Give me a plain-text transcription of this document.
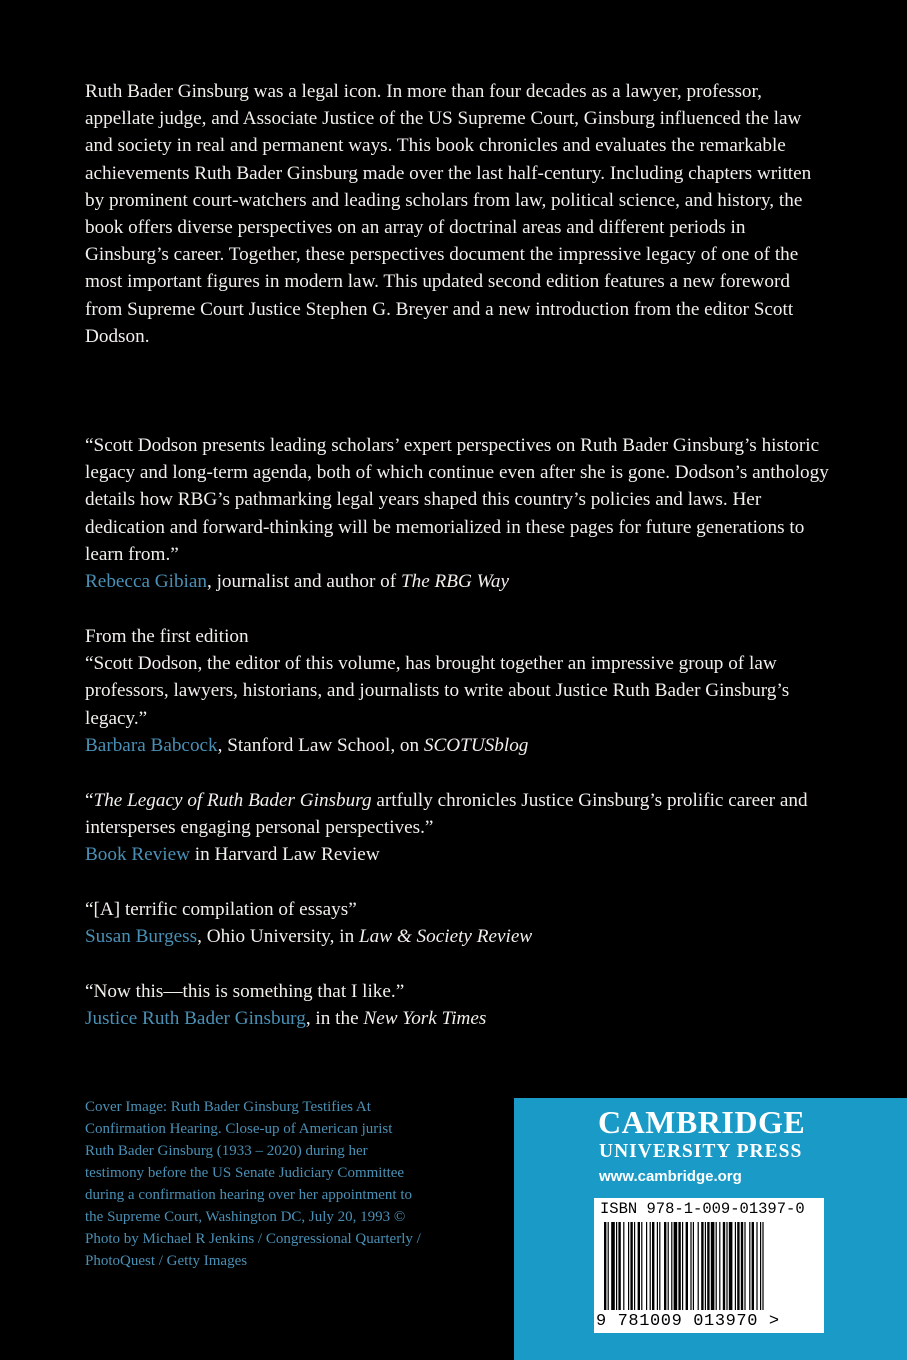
Ruth Bader Ginsburg was a legal icon. In more than four decades as a lawyer, professor, appellate judge, and Associate Justice of the US Supreme Court, Ginsburg influenced the law and society in real and permanent ways. This book chronicles and evaluates the remarkable achievements Ruth Bader Ginsburg made over the last half-century. Including chapters written by prominent court-watchers and leading scholars from law, political science, and history, the book offers diverse perspectives on an array of doctrinal areas and different periods in Ginsburg’s career. Together, these perspectives document the impressive legacy of one of the most important figures in modern law. This updated second edition features a new foreword from Supreme Court Justice Stephen G. Breyer and a new introduction from the editor Scott Dodson.

“Scott Dodson presents leading scholars’ expert perspectives on Ruth Bader Ginsburg’s historic legacy and long-term agenda, both of which continue even after she is gone. Dodson’s anthology details how RBG’s pathmarking legal years shaped this country’s policies and laws. Her dedication and forward-thinking will be memorialized in these pages for future generations to learn from.”

Rebecca Gibian, journalist and author of The RBG Way

From the first edition

“Scott Dodson, the editor of this volume, has brought together an impressive group of law professors, lawyers, historians, and journalists to write about Justice Ruth Bader Ginsburg’s legacy.”

Barbara Babcock, Stanford Law School, on SCOTUSblog

“The Legacy of Ruth Bader Ginsburg artfully chronicles Justice Ginsburg’s prolific career and intersperses engaging personal perspectives.”

Book Review in Harvard Law Review

“[A] terrific compilation of essays”

Susan Burgess, Ohio University, in Law & Society Review

“Now this—this is something that I like.”

Justice Ruth Bader Ginsburg, in the New York Times

Cover Image: Ruth Bader Ginsburg Testifies At Confirmation Hearing. Close-up of American jurist Ruth Bader Ginsburg (1933 – 2020) during her testimony before the US Senate Judiciary Committee during a confirmation hearing over her appointment to the Supreme Court, Washington DC, July 20, 1993 © Photo by Michael R Jenkins / Congressional Quarterly / PhotoQuest / Getty Images
CAMBRIDGE
UNIVERSITY PRESS
www.cambridge.org
ISBN 978-1-009-01397-0
9 781009 013970 >
